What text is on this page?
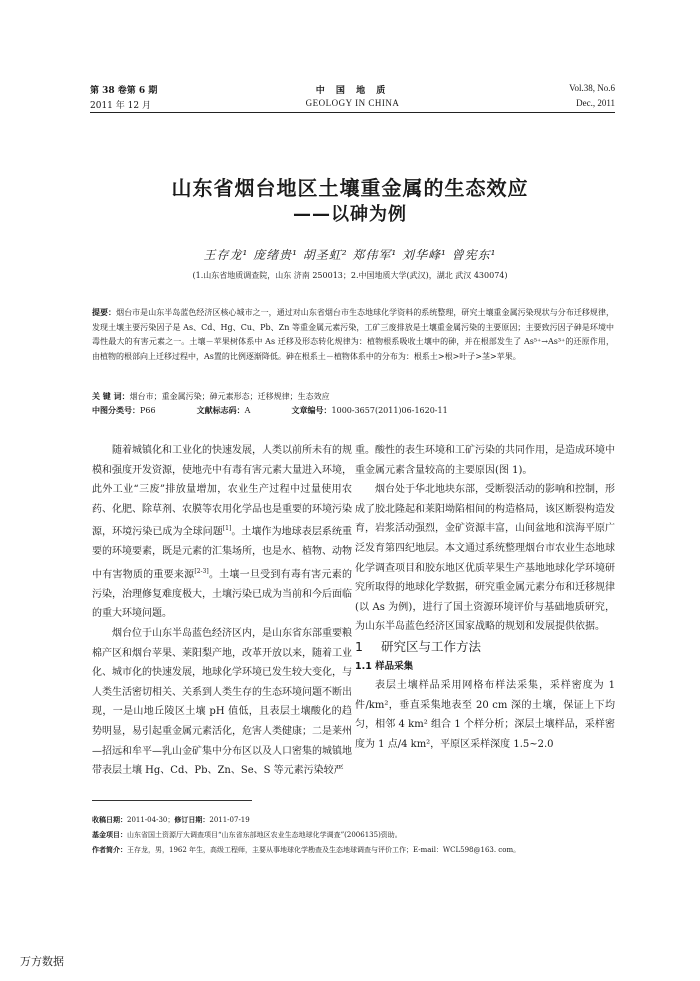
第 38 卷第 6 期
2011 年 12 月
中 国 地 质
GEOLOGY IN CHINA
Vol.38, No.6
Dec., 2011
山东省烟台地区土壤重金属的生态效应
——以砷为例
王存龙¹ 庞绪贵¹ 胡圣虹² 郑伟军¹ 刘华峰¹ 曾宪东¹
(1.山东省地质调查院，山东 济南 250013；2.中国地质大学(武汉)，湖北 武汉 430074)
提要：烟台市是山东半岛蓝色经济区核心城市之一，通过对山东省烟台市生态地球化学资料的系统整理，研究土壤重金属污染现状与分布迁移规律，发现土壤主要污染因子是 As、Cd、Hg、Cu、Pb、Zn 等重金属元素污染，工矿三废排放是土壤重金属污染的主要原因；主要致污因子砷是环境中毒性最大的有害元素之一。土壤－苹果树体系中 As 迁移及形态转化规律为：植物根系吸收土壤中的砷，并在根部发生了 As⁵⁺→As³⁺的还原作用，由植物的根部向上迁移过程中，As置的比例逐渐降低。砷在根系土－植物体系中的分布为：根系土>根>叶子>茎>苹果。
关 键 词：烟台市；重金属污染；砷元素形态；迁移规律；生态效应
中图分类号：P66	文献标志码：A	文章编号：1000-3657(2011)06-1620-11

随着城镇化和工业化的快速发展，人类以前所未有的规模和强度开发资源，使地壳中有毒有害元素大量进入环境，此外工业“三废”排放量增加，农业生产过程中过量使用农药、化肥、除草剂、农膜等农用化学品也是重要的环境污染源，环境污染已成为全球问题[1]。土壤作为地球表层系统重要的环境要素，既是元素的汇集场所，也是水、植物、动物中有害物质的重要来源[2-3]。土壤一旦受到有毒有害元素的污染，治理修复难度极大，土壤污染已成为当前和今后面临的重大环境问题。

烟台位于山东半岛蓝色经济区内，是山东省东部重要粮棉产区和烟台苹果、莱阳梨产地，改革开放以来，随着工业化、城市化的快速发展，地球化学环境已发生较大变化，与人类生活密切相关、关系到人类生存的生态环境问题不断出现，一是山地丘陵区土壤 pH 值低，且表层土壤酸化的趋势明显，易引起重金属元素活化，危害人类健康；二是莱州—招远和牟平—乳山金矿集中分布区以及人口密集的城镇地带表层土壤 Hg、Cd、Pb、Zn、Se、S 等元素污染较严

重。酸性的表生环境和工矿污染的共同作用，是造成环境中重金属元素含量较高的主要原因(图 1)。

烟台处于华北地块东部，受断裂活动的影响和控制，形成了胶北隆起和莱阳坳陷相间的构造格局，该区断裂构造发育，岩浆活动强烈，金矿资源丰富，山间盆地和滨海平原广泛发育第四纪地层。本文通过系统整理烟台市农业生态地球化学调查项目和胶东地区优质苹果生产基地地球化学环境研究所取得的地球化学数据，研究重金属元素分布和迁移规律(以 As 为例)，进行了国土资源环境评价与基础地质研究，为山东半岛蓝色经济区国家战略的规划和发展提供依据。

1 研究区与工作方法

1.1 样品采集

表层土壤样品采用网格布样法采集，采样密度为 1 件/km²，垂直采集地表至 20 cm 深的土壤，保证上下均匀，相邻 4 km² 组合 1 个样分析；深层土壤样品，采样密度为 1 点/4 km²，平原区采样深度 1.5~2.0

收稿日期：2011-04-30；修订日期：2011-07-19
基金项目：山东省国土资源厅大调查项目“山东省东部地区农业生态地球化学调查”(2006135)资助。
作者简介：王存龙，男，1962 年生，高级工程师，主要从事地球化学勘查及生态地球调查与评价工作；E-mail：WCL598@163. com。
万方数据
